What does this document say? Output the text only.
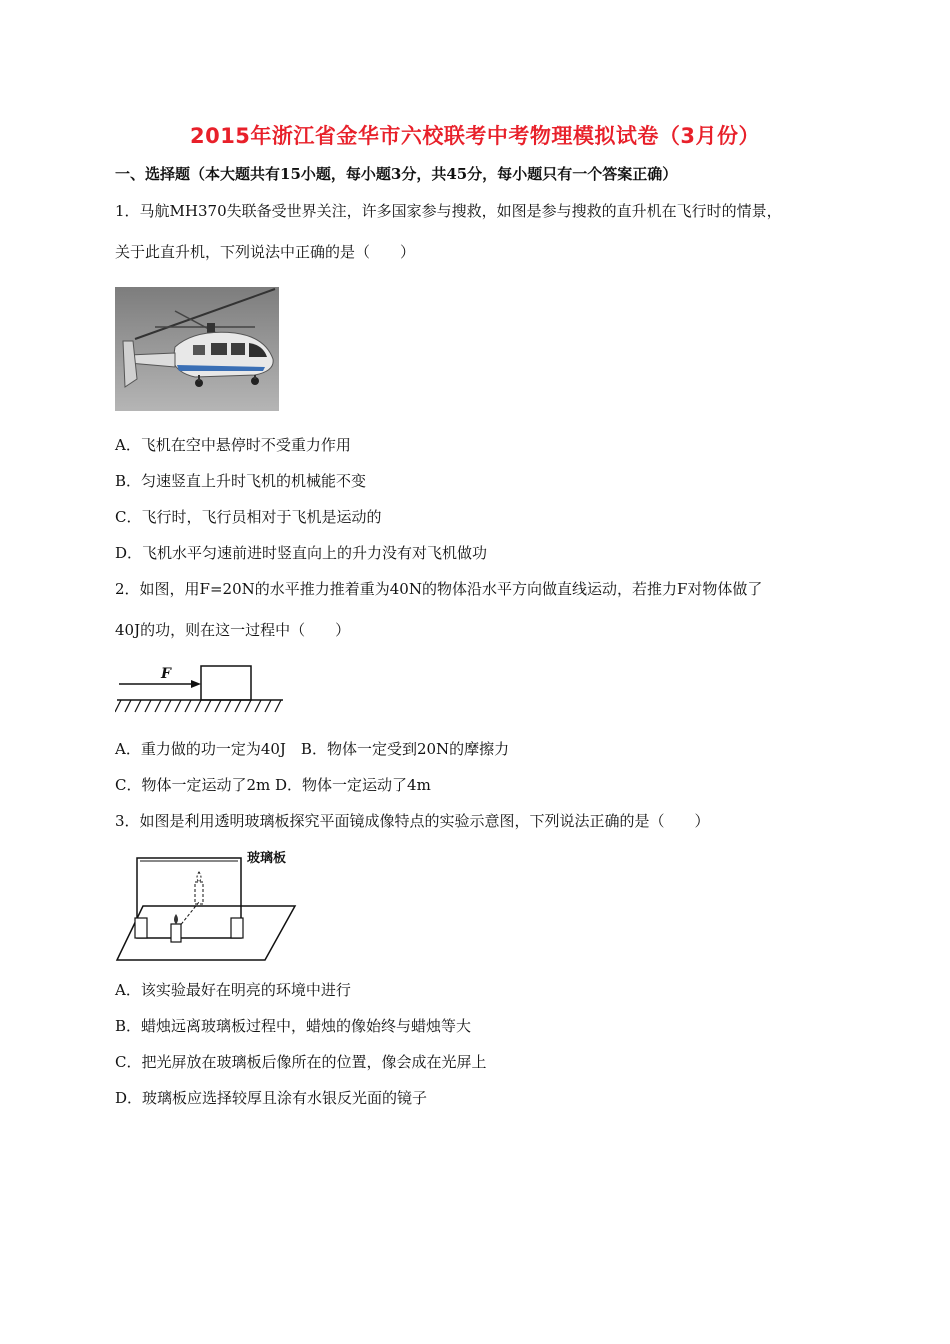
2015年浙江省金华市六校联考中考物理模拟试卷（3月份）
一、选择题（本大题共有15小题，每小题3分，共45分，每小题只有一个答案正确）
1．马航MH370失联备受世界关注，许多国家参与搜救，如图是参与搜救的直升机在飞行时的情景，
关于此直升机，下列说法中正确的是（　　）
A．飞机在空中悬停时不受重力作用
B．匀速竖直上升时飞机的机械能不变
C．飞行时，飞行员相对于飞机是运动的
D．飞机水平匀速前进时竖直向上的升力没有对飞机做功
2．如图，用F=20N的水平推力推着重为40N的物体沿水平方向做直线运动，若推力F对物体做了
40J的功，则在这一过程中（　　）
F
A．重力做的功一定为40J　B．物体一定受到20N的摩擦力
C．物体一定运动了2m D．物体一定运动了4m
3．如图是利用透明玻璃板探究平面镜成像特点的实验示意图，下列说法正确的是（　　）
玻璃板
A．该实验最好在明亮的环境中进行
B．蜡烛远离玻璃板过程中，蜡烛的像始终与蜡烛等大
C．把光屏放在玻璃板后像所在的位置，像会成在光屏上
D．玻璃板应选择较厚且涂有水银反光面的镜子
